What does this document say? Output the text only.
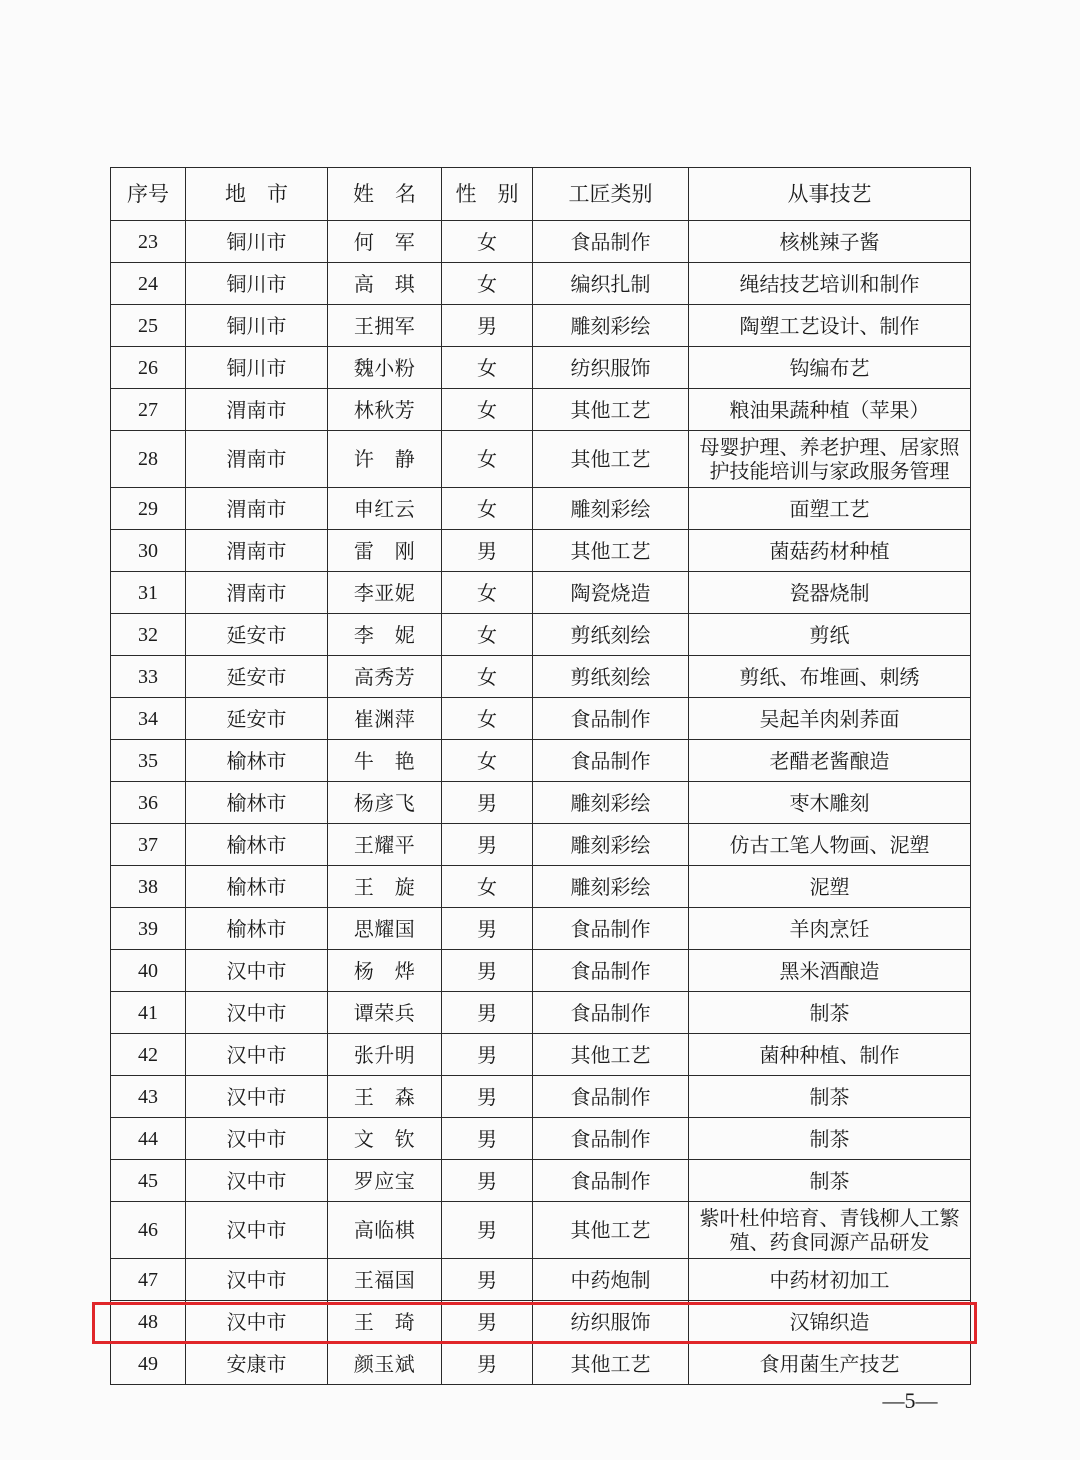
序号	地　市	姓　名	性　别	工匠类别	从事技艺
23	铜川市	何　军	女	食品制作	核桃辣子酱
24	铜川市	高　琪	女	编织扎制	绳结技艺培训和制作
25	铜川市	王拥军	男	雕刻彩绘	陶塑工艺设计、制作
26	铜川市	魏小粉	女	纺织服饰	钩编布艺
27	渭南市	林秋芳	女	其他工艺	粮油果蔬种植（苹果）
28	渭南市	许　静	女	其他工艺	母婴护理、养老护理、居家照护技能培训与家政服务管理
29	渭南市	申红云	女	雕刻彩绘	面塑工艺
30	渭南市	雷　刚	男	其他工艺	菌菇药材种植
31	渭南市	李亚妮	女	陶瓷烧造	瓷器烧制
32	延安市	李　妮	女	剪纸刻绘	剪纸
33	延安市	高秀芳	女	剪纸刻绘	剪纸、布堆画、刺绣
34	延安市	崔渊萍	女	食品制作	吴起羊肉剁荞面
35	榆林市	牛　艳	女	食品制作	老醋老酱酿造
36	榆林市	杨彦飞	男	雕刻彩绘	枣木雕刻
37	榆林市	王耀平	男	雕刻彩绘	仿古工笔人物画、泥塑
38	榆林市	王　旋	女	雕刻彩绘	泥塑
39	榆林市	思耀国	男	食品制作	羊肉烹饪
40	汉中市	杨　烨	男	食品制作	黑米酒酿造
41	汉中市	谭荣兵	男	食品制作	制茶
42	汉中市	张升明	男	其他工艺	菌种种植、制作
43	汉中市	王　森	男	食品制作	制茶
44	汉中市	文　钦	男	食品制作	制茶
45	汉中市	罗应宝	男	食品制作	制茶
46	汉中市	高临棋	男	其他工艺	紫叶杜仲培育、青钱柳人工繁殖、药食同源产品研发
47	汉中市	王福国	男	中药炮制	中药材初加工
48	汉中市	王　琦	男	纺织服饰	汉锦织造
49	安康市	颜玉斌	男	其他工艺	食用菌生产技艺
—5—
